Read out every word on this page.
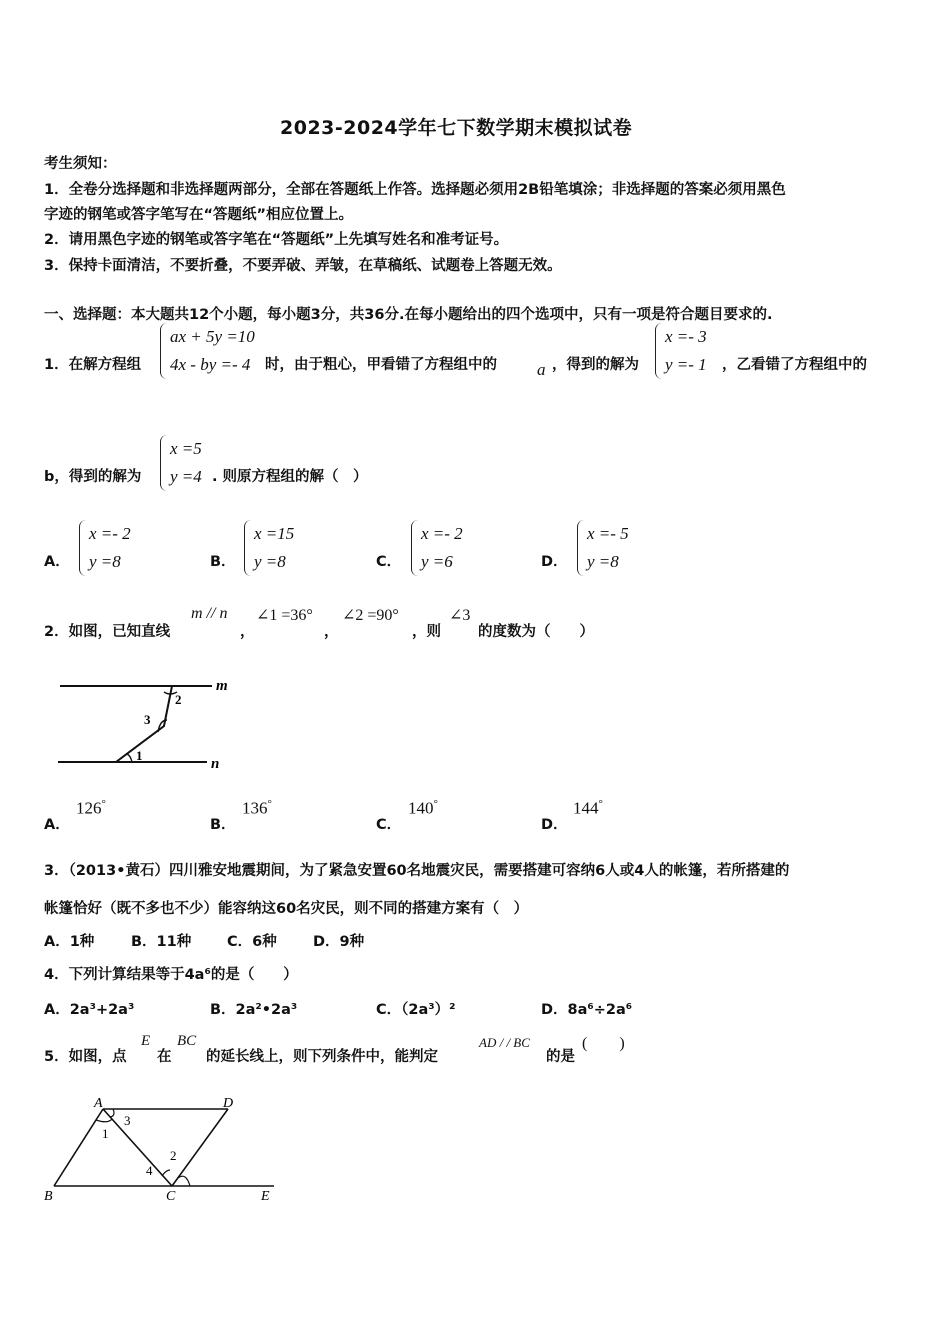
2023-2024学年七下数学期末模拟试卷
考生须知：
1．全卷分选择题和非选择题两部分，全部在答题纸上作答。选择题必须用2B铅笔填涂；非选择题的答案必须用黑色
字迹的钢笔或答字笔写在“答题纸”相应位置上。
2．请用黑色字迹的钢笔或答字笔在“答题纸”上先填写姓名和准考证号。
3．保持卡面清洁，不要折叠，不要弄破、弄皱，在草稿纸、试题卷上答题无效。
一、选择题：本大题共12个小题，每小题3分，共36分.在每小题给出的四个选项中，只有一项是符合题目要求的.
1．在解方程组
ax + 5y =10
4x - by =- 4	时，由于粗心，甲看错了方程组中的 a ，得到的解为
x =- 3
y =- 1 ，乙看错了方程组中的
b，得到的解为
x =5
y =4 . 则原方程组的解（　）
A．
x =- 2
y =8	B．
x =15
y =8	C．
x =- 2
y =6	D．
x =- 5
y =8
2．如图，已知直线
m // n
，
∠1 =36°
，
∠2 =90°
，则
∠3
的度数为（　　）
m
n
2
3
1
A．
126°
B．
136°
C．
140°
D．
144°
3．（2013•黄石）四川雅安地震期间，为了紧急安置60名地震灾民，需要搭建可容纳6人或4人的帐篷，若所搭建的
帐篷恰好（既不多也不少）能容纳这60名灾民，则不同的搭建方案有（　）
A．1种	B．11种 C．6种	D．9种
4．下列计算结果等于4a⁶的是（　　）
A．2a³+2a³	B．2a²•2a³	C．（2a³）²	D．8a⁶÷2a⁶
5．如图，点
E
在
BC
的延长线上，则下列条件中，能判定
AD / / BC
的是
(　　)
A	D
B	C	E
1
3
4
2
